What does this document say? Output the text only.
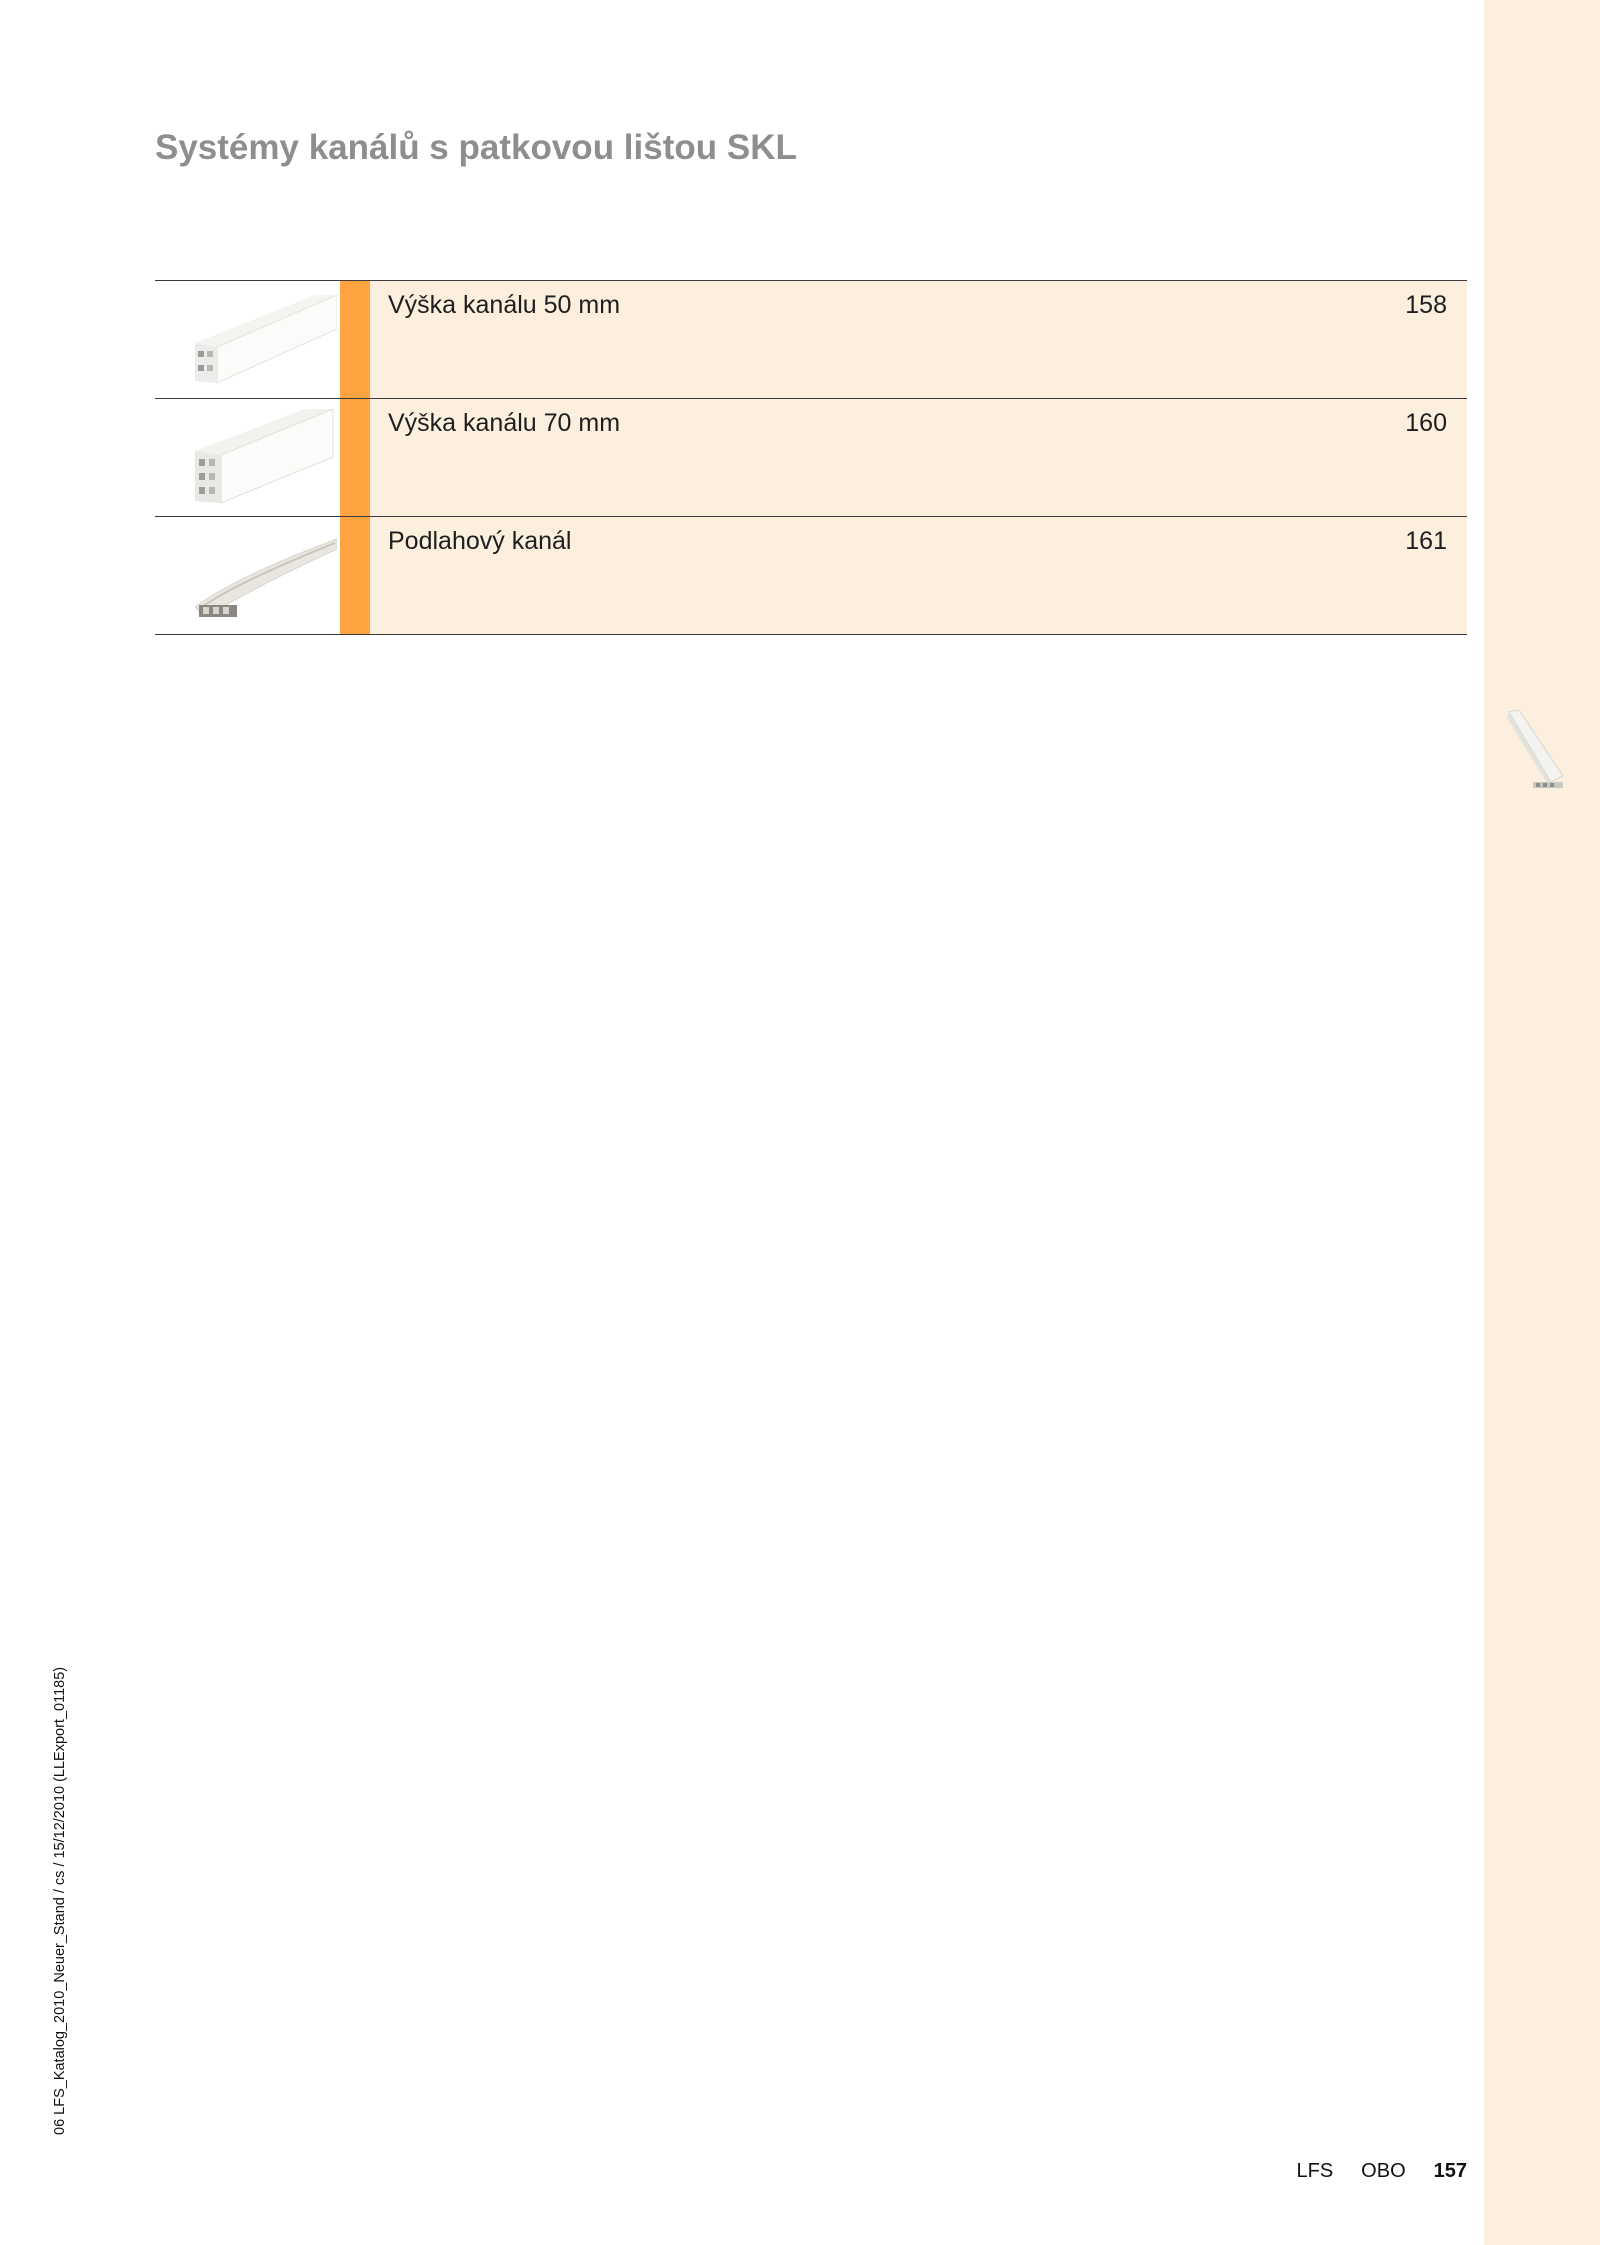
Systémy kanálů s patkovou lištou SKL
Výška kanálu 50 mm	158
Výška kanálu 70 mm	160
Podlahový kanál	161
06 LFS_Katalog_2010_Neuer_Stand / cs / 15/12/2010 (LLExport_01185)
LFS OBO 157
